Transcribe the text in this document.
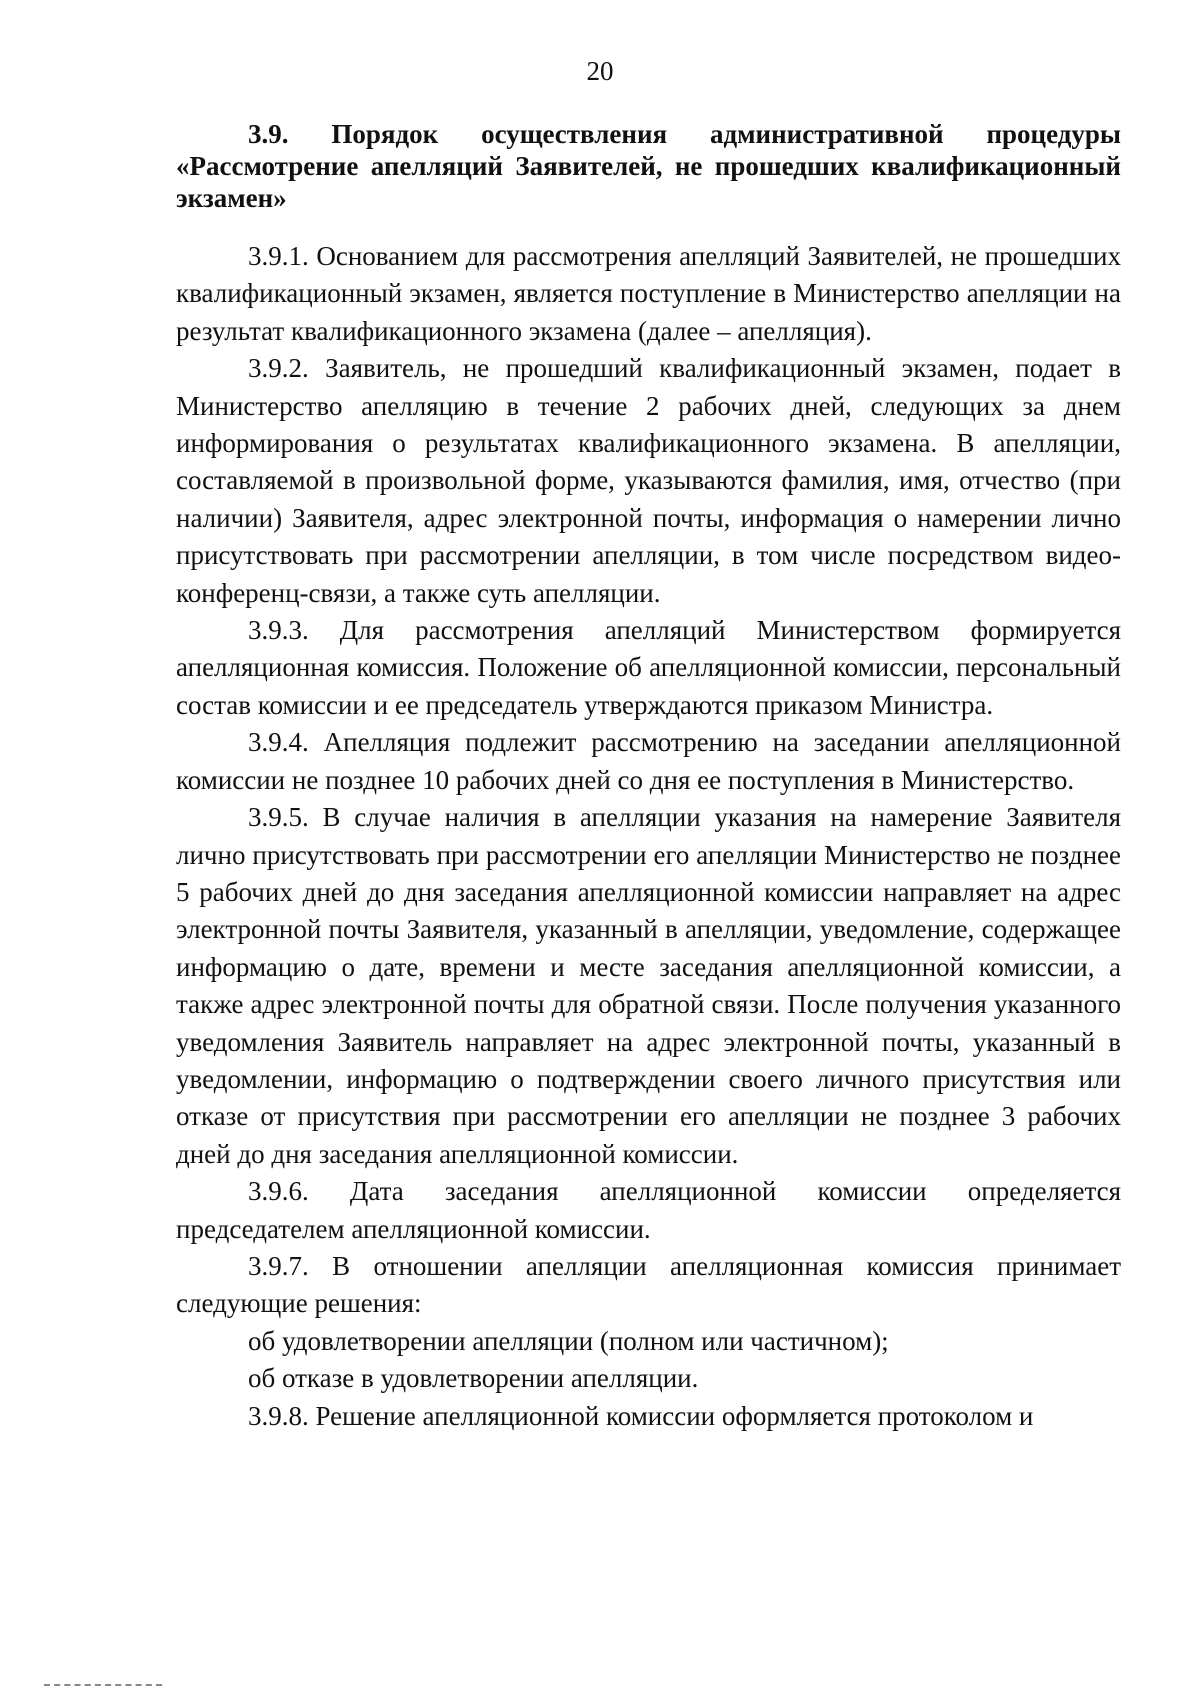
20

3.9. Порядок осуществления административной процедуры «Рассмотрение апелляций Заявителей, не прошедших квалификационный экзамен»

3.9.1. Основанием для рассмотрения апелляций Заявителей, не прошедших квалификационный экзамен, является поступление в Министерство апелляции на результат квалификационного экзамена (далее – апелляция).

3.9.2. Заявитель, не прошедший квалификационный экзамен, подает в Министерство апелляцию в течение 2 рабочих дней, следующих за днем информирования о результатах квалификационного экзамена. В апелляции, составляемой в произвольной форме, указываются фамилия, имя, отчество (при наличии) Заявителя, адрес электронной почты, информация о намерении лично присутствовать при рассмотрении апелляции, в том числе посредством видео-конференц-связи, а также суть апелляции.

3.9.3. Для рассмотрения апелляций Министерством формируется апелляционная комиссия. Положение об апелляционной комиссии, персональный состав комиссии и ее председатель утверждаются приказом Министра.

3.9.4. Апелляция подлежит рассмотрению на заседании апелляционной комиссии не позднее 10 рабочих дней со дня ее поступления в Министерство.

3.9.5. В случае наличия в апелляции указания на намерение Заявителя лично присутствовать при рассмотрении его апелляции Министерство не позднее 5 рабочих дней до дня заседания апелляционной комиссии направляет на адрес электронной почты Заявителя, указанный в апелляции, уведомление, содержащее информацию о дате, времени и месте заседания апелляционной комиссии, а также адрес электронной почты для обратной связи. После получения указанного уведомления Заявитель направляет на адрес электронной почты, указанный в уведомлении, информацию о подтверждении своего личного присутствия или отказе от присутствия при рассмотрении его апелляции не позднее 3 рабочих дней до дня заседания апелляционной комиссии.

3.9.6. Дата заседания апелляционной комиссии определяется председателем апелляционной комиссии.

3.9.7. В отношении апелляции апелляционная комиссия принимает следующие решения:

об удовлетворении апелляции (полном или частичном);

об отказе в удовлетворении апелляции.

3.9.8. Решение апелляционной комиссии оформляется протоколом и
